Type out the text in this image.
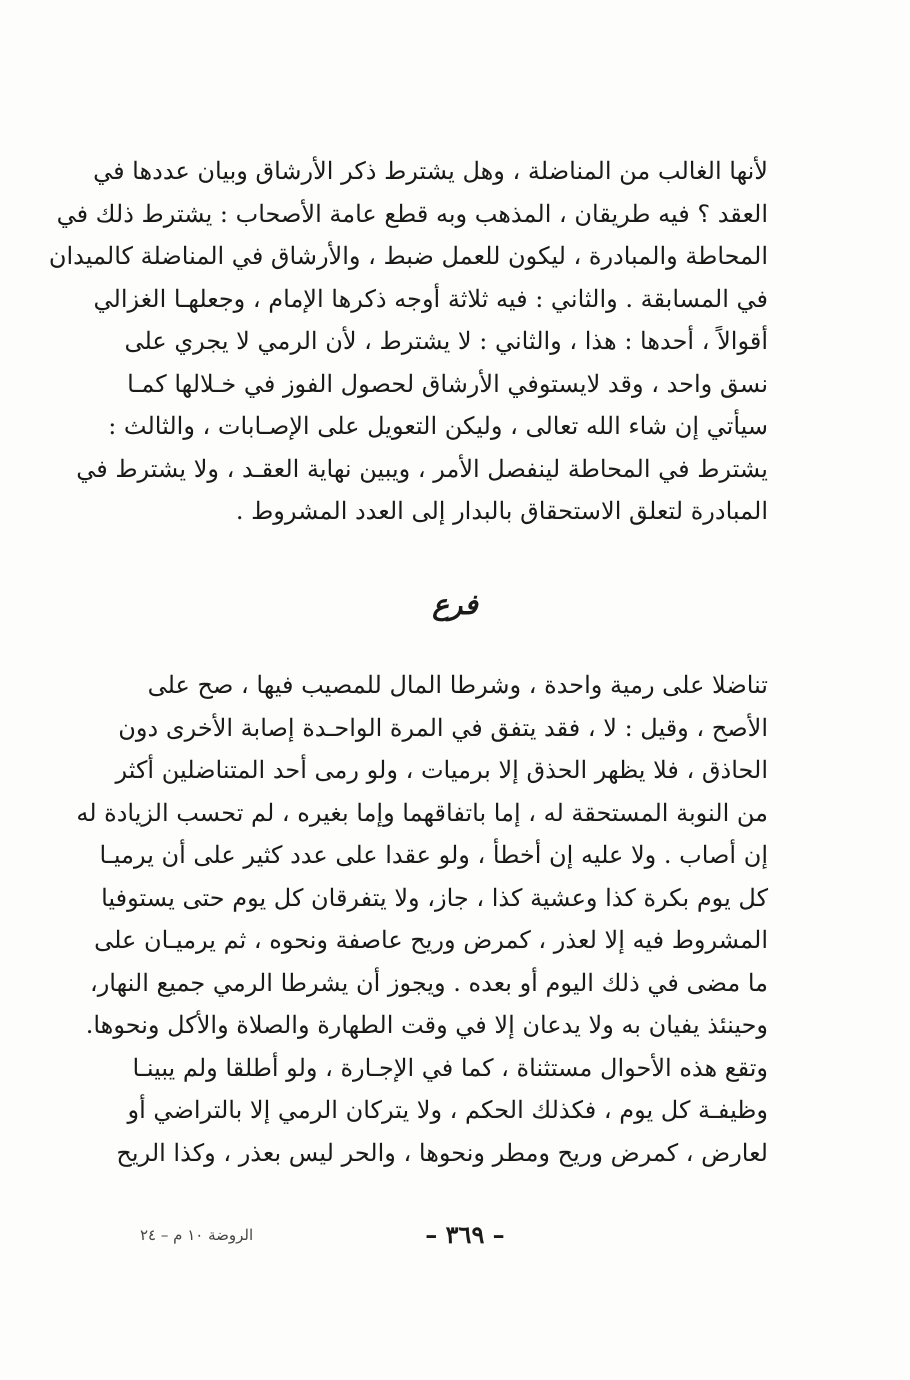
لأنها الغالب من المناضلة ، وهل يشترط ذكر الأرشاق وبيان عددها في
العقد ؟ فيه طريقان ، المذهب وبه قطع عامة الأصحاب : يشترط ذلك في
المحاطة والمبادرة ، ليكون للعمل ضبط ، والأرشاق في المناضلة كالميدان
في المسابقة . والثاني : فيه ثلاثة أوجه ذكرها الإمام ، وجعلهـا الغزالي
أقوالاً ، أحدها : هذا ، والثاني : لا يشترط ، لأن الرمي لا يجري على
نسق واحد ، وقد لايستوفي الأرشاق لحصول الفوز في خـلالها كمـا
سيأتي إن شاء الله تعالى ، وليكن التعويل على الإصـابات ، والثالث :
يشترط في المحاطة لينفصل الأمر ، ويبين نهاية العقـد ، ولا يشترط في
المبادرة لتعلق الاستحقاق بالبدار إلى العدد المشروط .
فرع
تناضلا على رمية واحدة ، وشرطا المال للمصيب فيها ، صح على
الأصح ، وقيل : لا ، فقد يتفق في المرة الواحـدة إصابة الأخرى دون
الحاذق ، فلا يظهر الحذق إلا برميات ، ولو رمى أحد المتناضلين أكثر
من النوبة المستحقة له ، إما باتفاقهما وإما بغيره ، لم تحسب الزيادة له
إن أصاب . ولا عليه إن أخطأ ، ولو عقدا على عدد كثير على أن يرميـا
كل يوم بكرة كذا وعشية كذا ، جاز، ولا يتفرقان كل يوم حتى يستوفيا
المشروط فيه إلا لعذر ، كمرض وريح عاصفة ونحوه ، ثم يرميـان على
ما مضى في ذلك اليوم أو بعده . ويجوز أن يشرطا الرمي جميع النهار،
وحينئذ يفيان به ولا يدعان إلا في وقت الطهارة والصلاة والأكل ونحوها.
وتقع هذه الأحوال مستثناة ، كما في الإجـارة ، ولو أطلقا ولم يبينـا
وظيفـة كل يوم ، فكذلك الحكم ، ولا يتركان الرمي إلا بالتراضي أو
لعارض ، كمرض وريح ومطر ونحوها ، والحر ليس بعذر ، وكذا الريح
– ٣٦٩ –
الروضة ١٠ م – ٢٤
